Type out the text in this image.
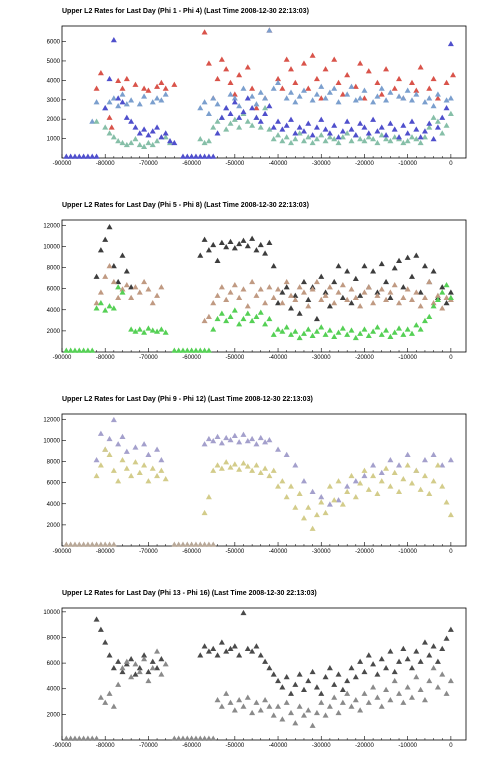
Upper L2 Rates for Last Day (Phi 1 - Phi 4) (Last Time 2008-12-30 22:13:03)
-90000	-80000	-70000	-60000	-50000	-40000	-30000	-20000	-10000	0
1000
2000
3000
4000
5000
6000
Upper L2 Rates for Last Day (Phi 5 - Phi 8) (Last Time 2008-12-30 22:13:03)
-90000	-80000	-70000	-60000	-50000	-40000	-30000	-20000	-10000	0
2000
4000
6000
8000
10000
12000
Upper L2 Rates for Last Day (Phi 9 - Phi 12) (Last Time 2008-12-30 22:13:03)
-90000	-80000	-70000	-60000	-50000	-40000	-30000	-20000	-10000	0
2000
4000
6000
8000
10000
12000
Upper L2 Rates for Last Day (Phi 13 - Phi 16) (Last Time 2008-12-30 22:13:03)
-90000	-80000	-70000	-60000	-50000	-40000	-30000	-20000	-10000	0
2000
4000
6000
8000
10000
